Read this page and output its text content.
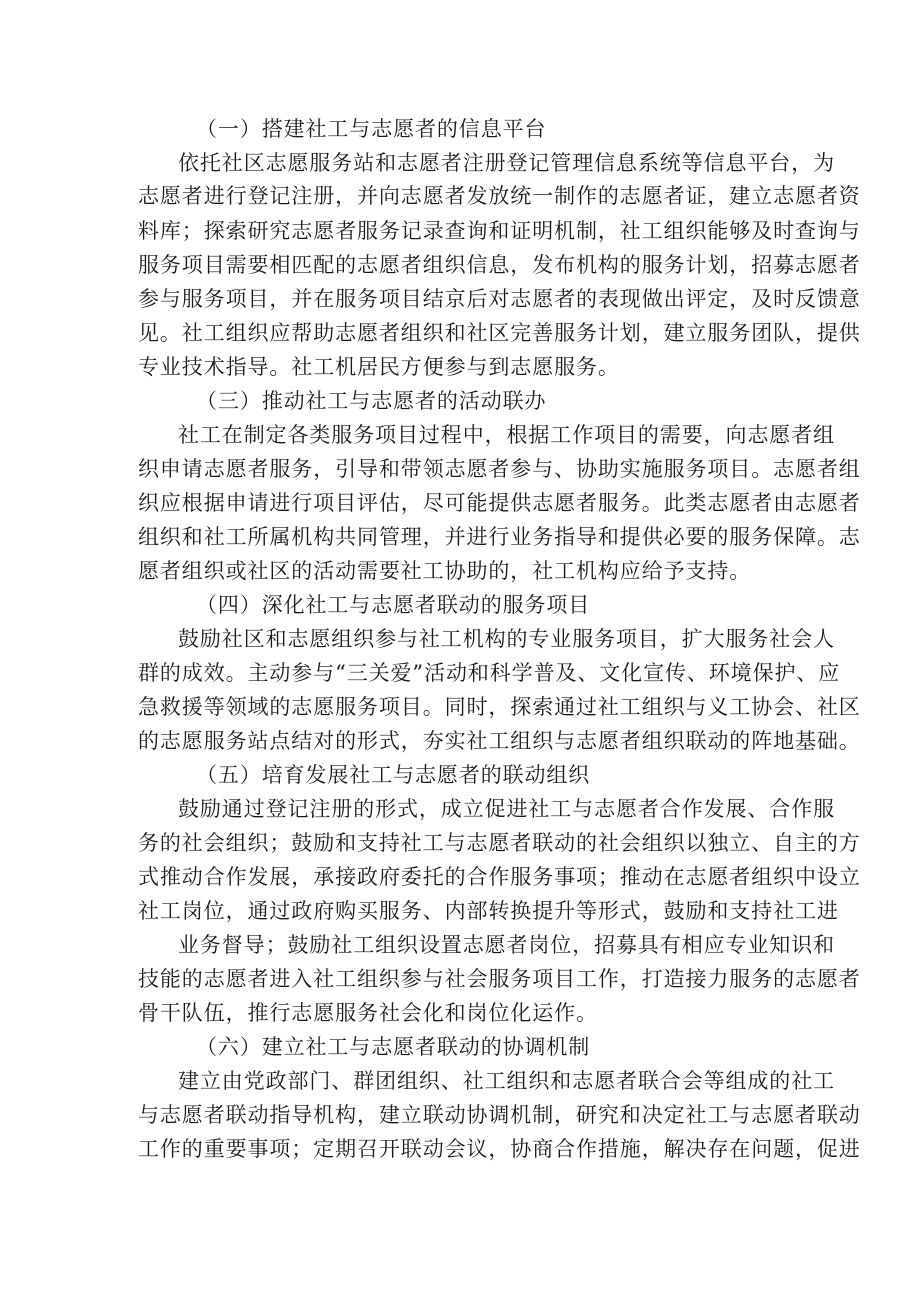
（一）搭建社工与志愿者的信息平台
依托社区志愿服务站和志愿者注册登记管理信息系统等信息平台，为
志愿者进行登记注册，并向志愿者发放统一制作的志愿者证，建立志愿者资
料库；探索研究志愿者服务记录查询和证明机制，社工组织能够及时查询与
服务项目需要相匹配的志愿者组织信息，发布机构的服务计划，招募志愿者
参与服务项目，并在服务项目结京后对志愿者的表现做出评定，及时反馈意
见。社工组织应帮助志愿者组织和社区完善服务计划，建立服务团队，提供
专业技术指导。社工机居民方便参与到志愿服务。
（三）推动社工与志愿者的活动联办
社工在制定各类服务项目过程中，根据工作项目的需要，向志愿者组
织申请志愿者服务，引导和带领志愿者参与、协助实施服务项目。志愿者组
织应根据申请进行项目评估，尽可能提供志愿者服务。此类志愿者由志愿者
组织和社工所属机构共同管理，并进行业务指导和提供必要的服务保障。志
愿者组织或社区的活动需要社工协助的，社工机构应给予支持。
（四）深化社工与志愿者联动的服务项目
鼓励社区和志愿组织参与社工机构的专业服务项目，扩大服务社会人
群的成效。主动参与“三关爱”活动和科学普及、文化宣传、环境保护、应
急救援等领域的志愿服务项目。同时，探索通过社工组织与义工协会、社区
的志愿服务站点结对的形式，夯实社工组织与志愿者组织联动的阵地基础。
（五）培育发展社工与志愿者的联动组织
鼓励通过登记注册的形式，成立促进社工与志愿者合作发展、合作服
务的社会组织；鼓励和支持社工与志愿者联动的社会组织以独立、自主的方
式推动合作发展，承接政府委托的合作服务事项；推动在志愿者组织中设立
社工岗位，通过政府购买服务、内部转换提升等形式，鼓励和支持社工进
业务督导；鼓励社工组织设置志愿者岗位，招募具有相应专业知识和
技能的志愿者进入社工组织参与社会服务项目工作，打造接力服务的志愿者
骨干队伍，推行志愿服务社会化和岗位化运作。
（六）建立社工与志愿者联动的协调机制
建立由党政部门、群团组织、社工组织和志愿者联合会等组成的社工
与志愿者联动指导机构，建立联动协调机制，研究和决定社工与志愿者联动
工作的重要事项；定期召开联动会议，协商合作措施，解决存在问题，促进
